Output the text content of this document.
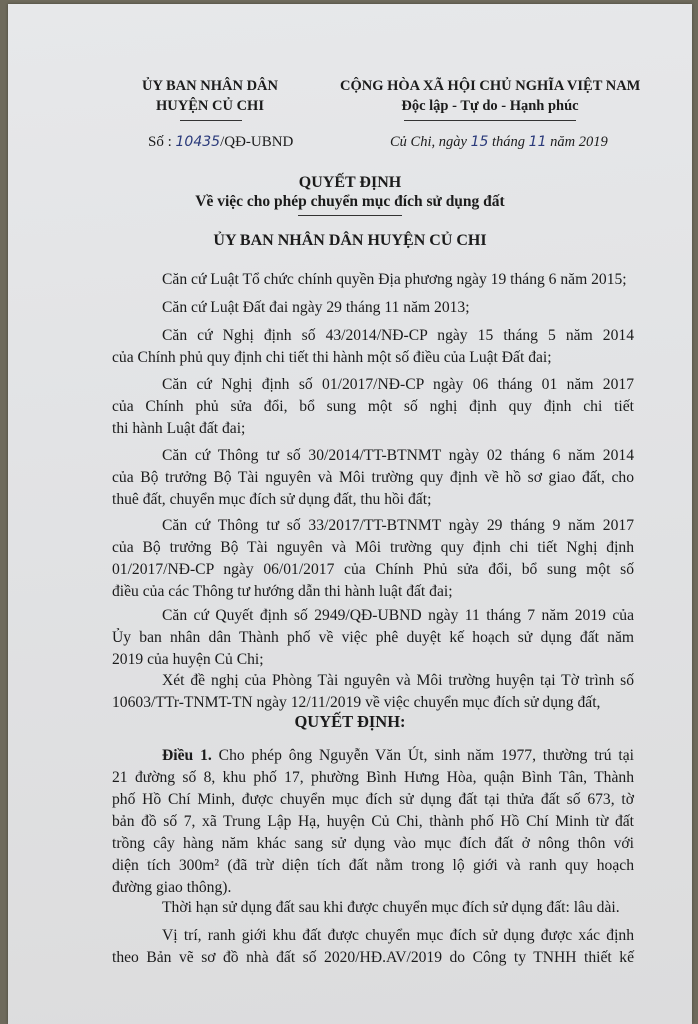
ỦY BAN NHÂN DÂN
HUYỆN CỦ CHI
CỘNG HÒA XÃ HỘI CHỦ NGHĨA VIỆT NAM
Độc lập - Tự do - Hạnh phúc
Số : 10435/QĐ-UBND	Củ Chi, ngày 15 tháng 11 năm 2019
QUYẾT ĐỊNH
Về việc cho phép chuyển mục đích sử dụng đất
ỦY BAN NHÂN DÂN HUYỆN CỦ CHI
Căn cứ Luật Tổ chức chính quyền Địa phương ngày 19 tháng 6 năm 2015;
Căn cứ Luật Đất đai ngày 29 tháng 11 năm 2013;
Căn cứ Nghị định số 43/2014/NĐ-CP ngày 15 tháng 5 năm 2014
của Chính phủ quy định chi tiết thi hành một số điều của Luật Đất đai;
Căn cứ Nghị định số 01/2017/NĐ-CP ngày 06 tháng 01 năm 2017
của Chính phủ sửa đổi, bổ sung một số nghị định quy định chi tiết
thi hành Luật đất đai;
Căn cứ Thông tư số 30/2014/TT-BTNMT ngày 02 tháng 6 năm 2014
của Bộ trưởng Bộ Tài nguyên và Môi trường quy định về hồ sơ giao đất, cho
thuê đất, chuyển mục đích sử dụng đất, thu hồi đất;
Căn cứ Thông tư số 33/2017/TT-BTNMT ngày 29 tháng 9 năm 2017
của Bộ trưởng Bộ Tài nguyên và Môi trường quy định chi tiết Nghị định
01/2017/NĐ-CP ngày 06/01/2017 của Chính Phủ sửa đổi, bổ sung một số
điều của các Thông tư hướng dẫn thi hành luật đất đai;
Căn cứ Quyết định số 2949/QĐ-UBND ngày 11 tháng 7 năm 2019 của
Ủy ban nhân dân Thành phố về việc phê duyệt kế hoạch sử dụng đất năm
2019 của huyện Củ Chi;
Xét đề nghị của Phòng Tài nguyên và Môi trường huyện tại Tờ trình số
10603/TTr-TNMT-TN ngày 12/11/2019 về việc chuyển mục đích sử dụng đất,
QUYẾT ĐỊNH:
Điều 1. Cho phép ông Nguyễn Văn Út, sinh năm 1977, thường trú tại
21 đường số 8, khu phố 17, phường Bình Hưng Hòa, quận Bình Tân, Thành
phố Hồ Chí Minh, được chuyển mục đích sử dụng đất tại thửa đất số 673, tờ
bản đồ số 7, xã Trung Lập Hạ, huyện Củ Chi, thành phố Hồ Chí Minh từ đất
trồng cây hàng năm khác sang sử dụng vào mục đích đất ở nông thôn với
diện tích 300m² (đã trừ diện tích đất nằm trong lộ giới và ranh quy hoạch
đường giao thông).
Thời hạn sử dụng đất sau khi được chuyển mục đích sử dụng đất: lâu dài.
Vị trí, ranh giới khu đất được chuyển mục đích sử dụng được xác định
theo Bản vẽ sơ đồ nhà đất số 2020/HĐ.AV/2019 do Công ty TNHH thiết kế
